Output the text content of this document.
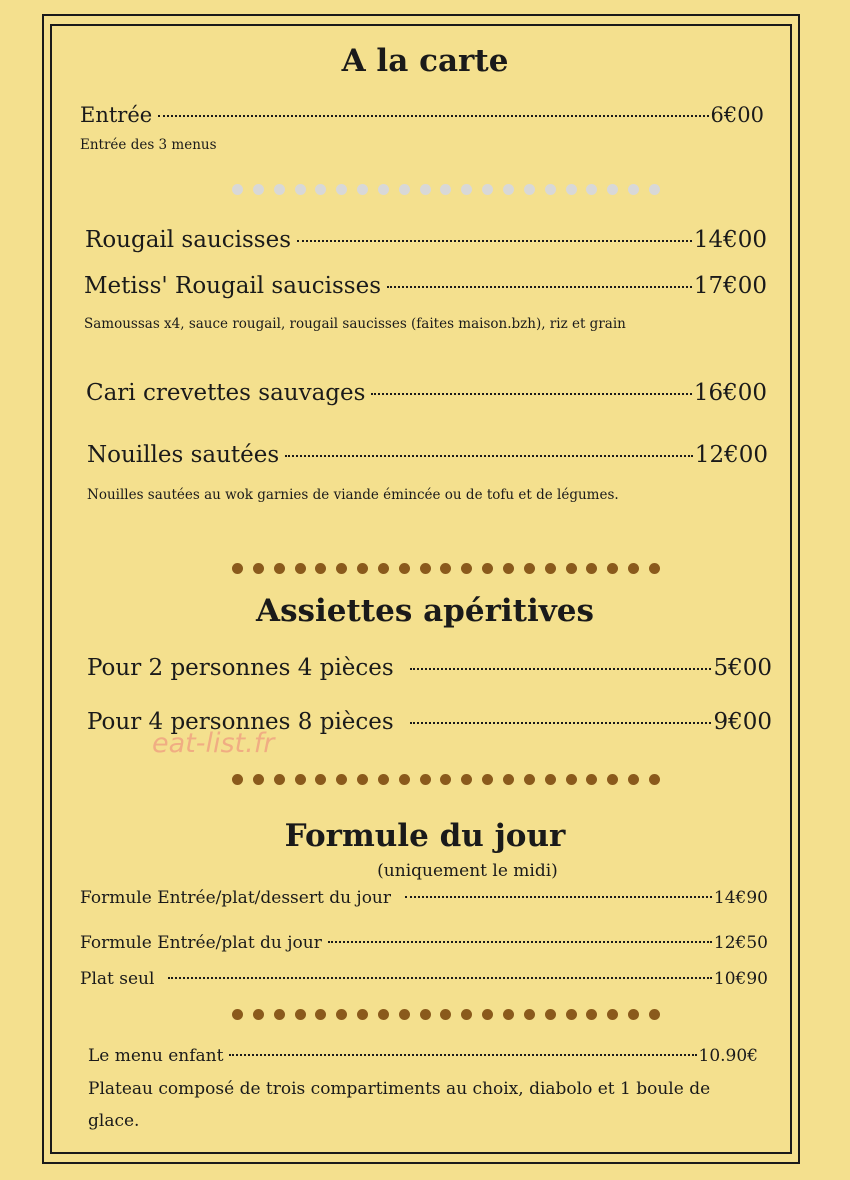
A la carte
Entrée	6€00
Entrée des 3 menus
Rougail saucisses	14€00
Metiss' Rougail saucisses	17€00
Samoussas x4, sauce rougail, rougail saucisses (faites maison.bzh), riz et grain
Cari crevettes sauvages	16€00
Nouilles sautées	12€00
Nouilles sautées au wok garnies de viande émincée ou de tofu et de légumes.
Assiettes apéritives
Pour 2 personnes 4 pièces	5€00
Pour 4 personnes 8 pièces	9€00
eat-list.fr
Formule du jour
(uniquement le midi)
Formule Entrée/plat/dessert du jour	14€90
Formule Entrée/plat du jour	12€50
Plat seul	10€90
Le menu enfant	10.90€
Plateau composé de trois compartiments au choix, diabolo et 1 boule de
glace.
